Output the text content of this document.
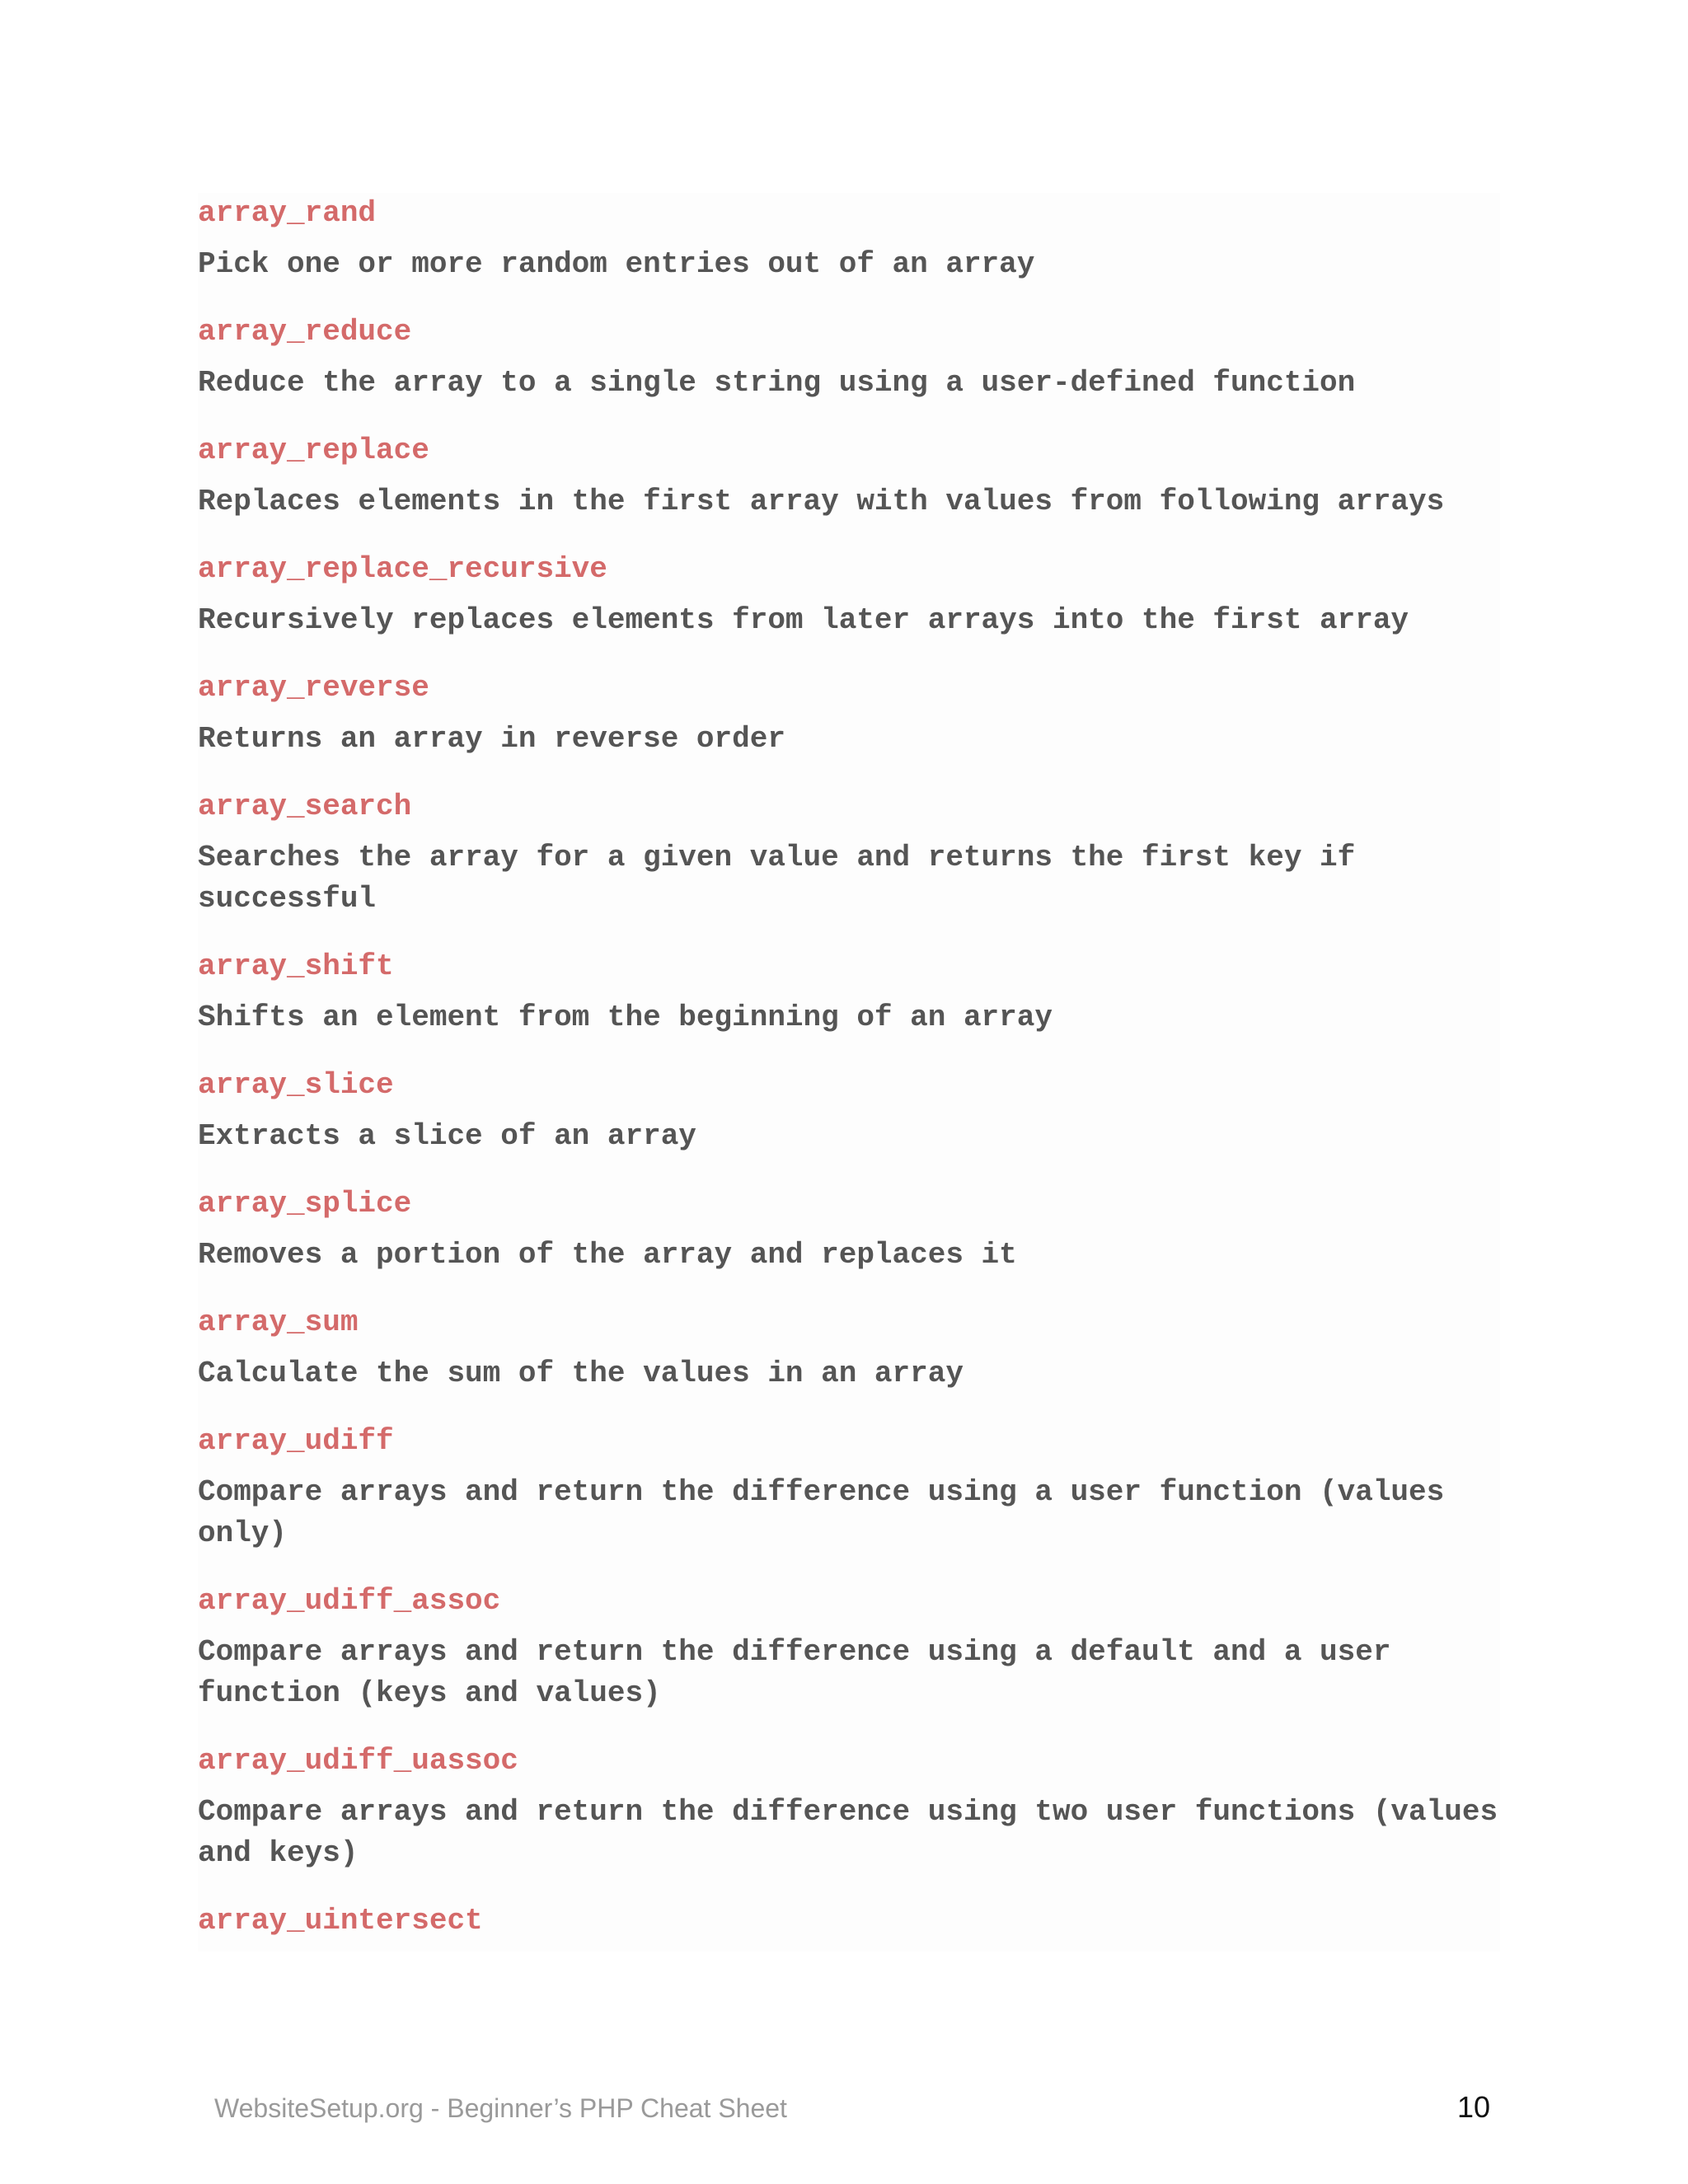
array_rand

Pick one or more random entries out of an array

array_reduce

Reduce the array to a single string using a user-defined function

array_replace

Replaces elements in the first array with values from following arrays

array_replace_recursive

Recursively replaces elements from later arrays into the first array

array_reverse

Returns an array in reverse order

array_search

Searches the array for a given value and returns the first key if successful

array_shift

Shifts an element from the beginning of an array

array_slice

Extracts a slice of an array

array_splice

Removes a portion of the array and replaces it

array_sum

Calculate the sum of the values in an array

array_udiff

Compare arrays and return the difference using a user function (values only)

array_udiff_assoc

Compare arrays and return the difference using a default and a user function (keys and values)

array_udiff_uassoc

Compare arrays and return the difference using two user functions (values and keys)

array_uintersect

WebsiteSetup.org - Beginner’s PHP Cheat Sheet	10
